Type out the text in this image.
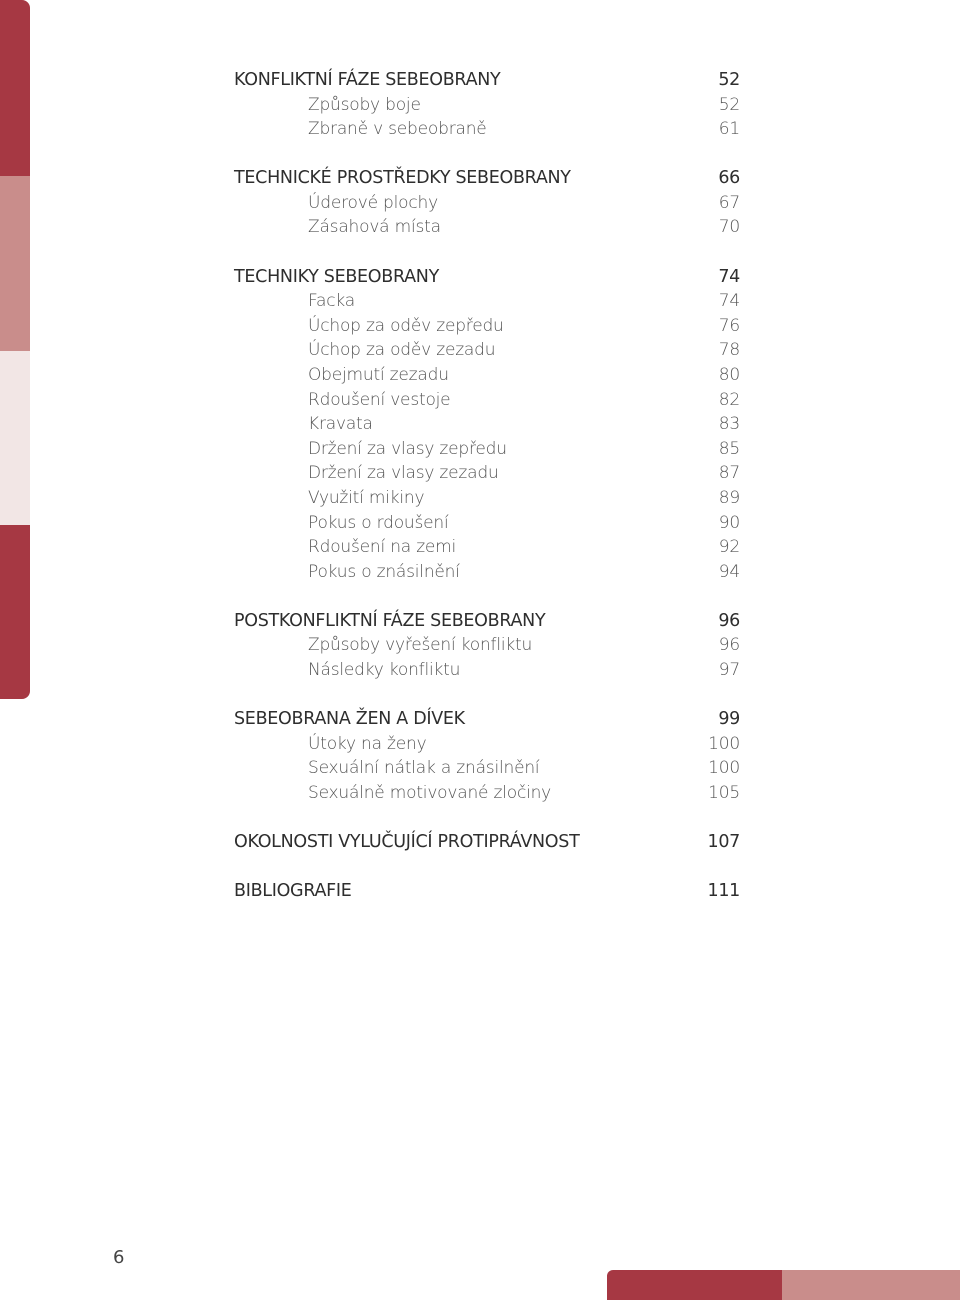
KONFLIKTNÍ FÁZE SEBEOBRANY	52
Způsoby boje	52
Zbraně v sebeobraně	61
TECHNICKÉ PROSTŘEDKY SEBEOBRANY	66
Úderové plochy	67
Zásahová místa	70
TECHNIKY SEBEOBRANY	74
Facka	74
Úchop za oděv zepředu	76
Úchop za oděv zezadu	78
Obejmutí zezadu	80
Rdoušení vestoje	82
Kravata	83
Držení za vlasy zepředu	85
Držení za vlasy zezadu	87
Využití mikiny	89
Pokus o rdoušení	90
Rdoušení na zemi	92
Pokus o znásilnění	94
POSTKONFLIKTNÍ FÁZE SEBEOBRANY	96
Způsoby vyřešení konfliktu	96
Následky konfliktu	97
SEBEOBRANA ŽEN A DÍVEK	99
Útoky na ženy	100
Sexuální nátlak a znásilnění	100
Sexuálně motivované zločiny	105
OKOLNOSTI VYLUČUJÍCÍ PROTIPRÁVNOST	107
BIBLIOGRAFIE	111
6
